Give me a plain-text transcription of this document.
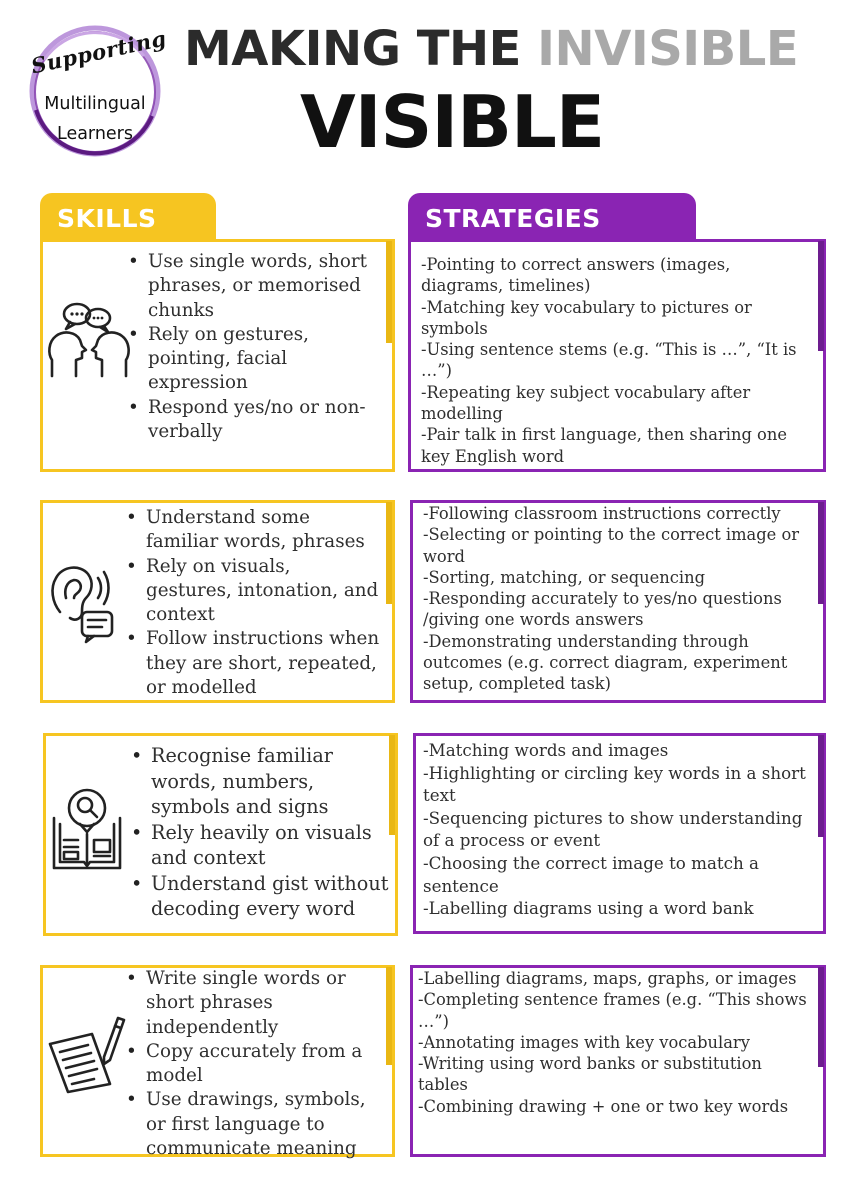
Supporting
Multilingual
Learners
MAKING THE INVISIBLE
VISIBLE
SKILLS	STRATEGIES
• Use single words, short phrases, or memorised chunks
• Rely on gestures, pointing, facial expression
• Respond yes/no or non-verbally
-Pointing to correct answers (images, diagrams, timelines)
-Matching key vocabulary to pictures or symbols
-Using sentence stems (e.g. “This is …”, “It is …”)
-Repeating key subject vocabulary after modelling
-Pair talk in first language, then sharing one key English word
• Understand some familiar words, phrases
• Rely on visuals, gestures, intonation, and context
• Follow instructions when they are short, repeated, or modelled
-Following classroom instructions correctly
-Selecting or pointing to the correct image or word
-Sorting, matching, or sequencing
-Responding accurately to yes/no questions /giving one words answers
-Demonstrating understanding through outcomes (e.g. correct diagram, experiment setup, completed task)
• Recognise familiar words, numbers, symbols and signs
• Rely heavily on visuals and context
• Understand gist without decoding every word
-Matching words and images
-Highlighting or circling key words in a short text
-Sequencing pictures to show understanding of a process or event
-Choosing the correct image to match a sentence
-Labelling diagrams using a word bank
• Write single words or short phrases independently
• Copy accurately from a model
• Use drawings, symbols, or first language to communicate meaning
-Labelling diagrams, maps, graphs, or images
-Completing sentence frames (e.g. “This shows …”)
-Annotating images with key vocabulary
-Writing using word banks or substitution tables
-Combining drawing + one or two key words
